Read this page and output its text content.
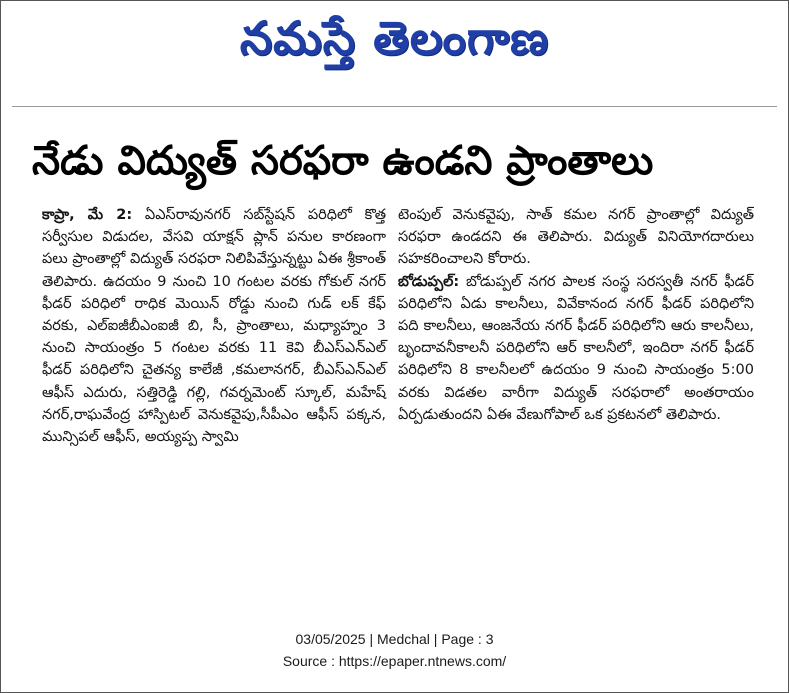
నమస్తే తెలంగాణ
నేడు విద్యుత్ సరఫరా ఉండని ప్రాంతాలు

కాప్రా, మే 2: ఏఎస్‌రావునగర్ సబ్‌స్టేషన్ పరిధిలో కొత్త సర్వీసుల విడుదల, వేసవి యాక్షన్ ప్లాన్ పనుల కారణంగా పలు ప్రాంతాల్లో విద్యుత్ సరఫరా నిలిపివేస్తున్నట్టు ఏఈ శ్రీకాంత్ తెలిపారు. ఉదయం 9 నుంచి 10 గంటల వరకు గోకుల్ నగర్ ఫీడర్ పరిధిలో రాధిక మెయిన్ రోడ్డు నుంచి గుడ్ లక్ కేఫ్ వరకు, ఎల్‌ఐజీబీఎంఐజీ బి, సీ, ప్రాంతాలు, మధ్యాహ్నం 3 నుంచి సాయంత్రం 5 గంటల వరకు 11 కెవి బీఎస్‌ఎన్‌ఎల్ ఫీడర్ పరిధిలోని చైతన్య కాలేజీ ,కమలానగర్, బీఎస్‌ఎన్‌ఎల్ ఆఫీస్ ఎదురు, సత్తిరెడ్డి గల్లి, గవర్నమెంట్ స్కూల్, మహేష్ నగర్,రాఘవేంద్ర హాస్పిటల్ వెనుకవైపు,సీపీఎం ఆఫీస్ పక్కన, మున్సిపల్ ఆఫీస్, అయ్యప్ప స్వామి

టెంపుల్ వెనుకవైపు, సాత్ కమల నగర్ ప్రాంతాల్లో విద్యుత్ సరఫరా ఉండదని ఈ తెలిపారు. విద్యుత్ వినియోగదారులు సహకరించాలని కోరారు.

బోడుప్పల్: బోడుప్పల్ నగర పాలక సంస్థ సరస్వతీ నగర్ ఫీడర్ పరిధిలోని ఏడు కాలనీలు, వివేకానంద నగర్ ఫీడర్ పరిధిలోని పది కాలనీలు, ఆంజనేయ నగర్ ఫీడర్ పరిధిలోని ఆరు కాలనీలు, బృందావనీకాలనీ పరిధిలోని ఆర్ కాలనీలో, ఇందిరా నగర్ ఫీడర్ పరిధిలోని 8 కాలనీలలో ఉదయం 9 నుంచి సాయంత్రం 5:00 వరకు విడతల వారీగా విద్యుత్ సరఫరాలో అంతరాయం ఏర్పడుతుందని ఏఈ వేణుగోపాల్ ఒక ప్రకటనలో తెలిపారు.

03/05/2025 | Medchal | Page : 3
Source : https://epaper.ntnews.com/
